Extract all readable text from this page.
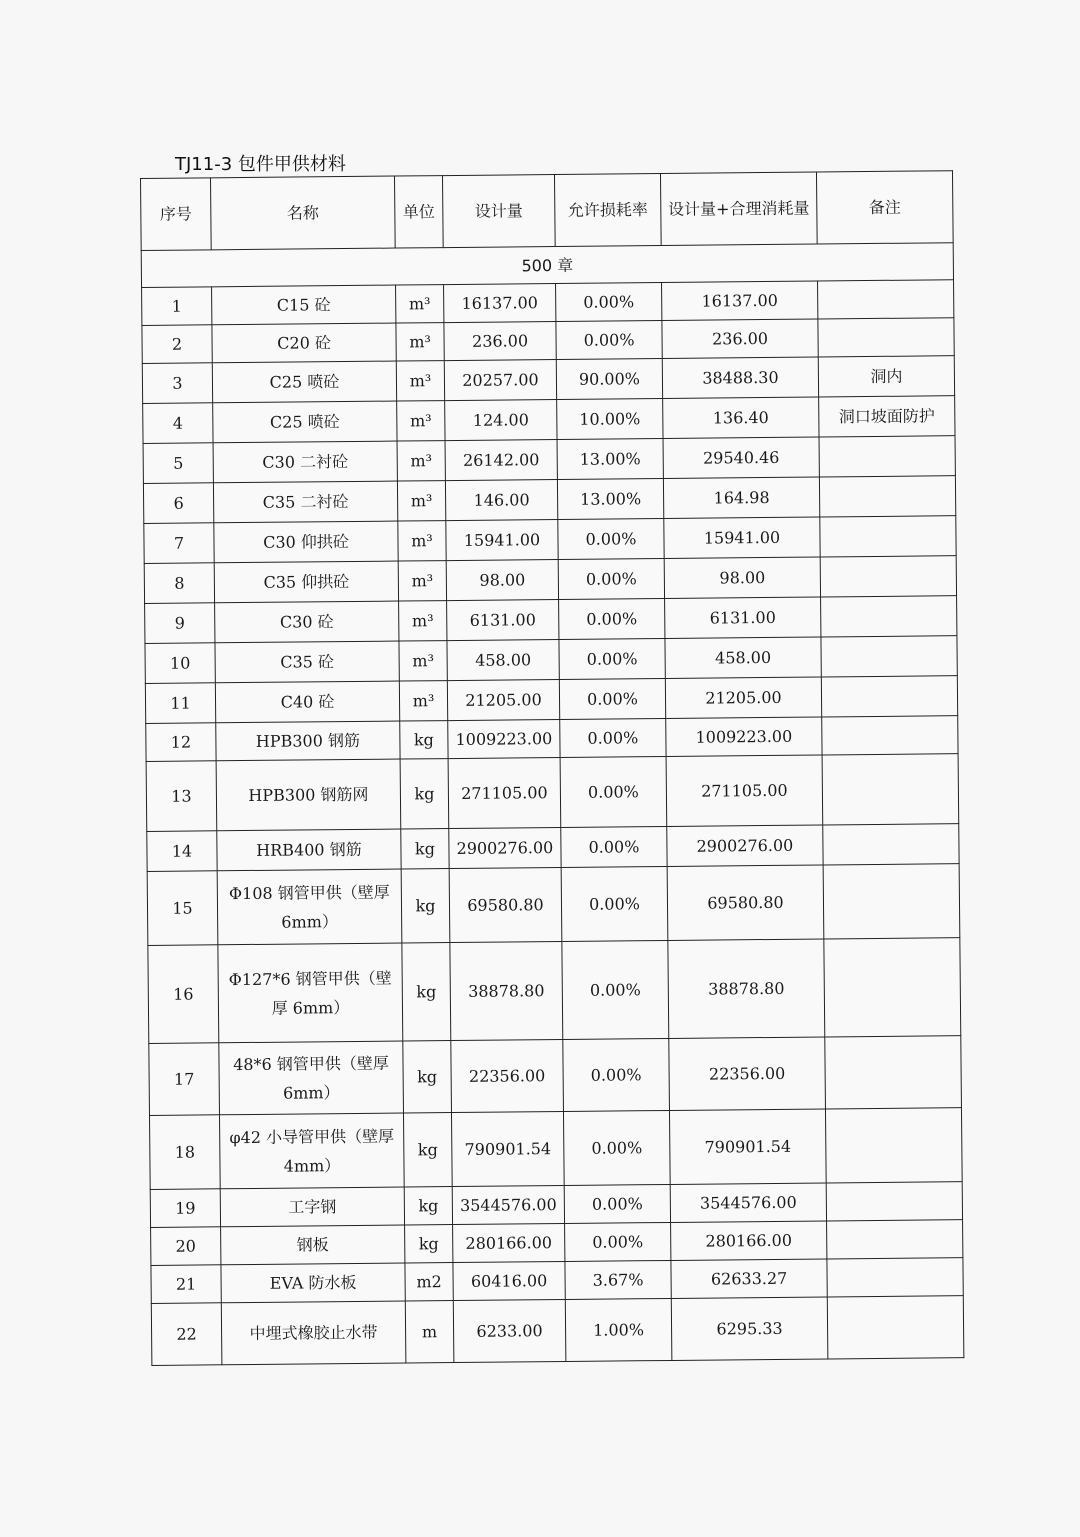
TJ11-3 包件甲供材料
序号	名称	单位	设计量	允许损耗率	设计量+合理消耗量	备注
500 章						
1	C15 砼	m³	16137.00	0.00%	16137.00	
2	C20 砼	m³	236.00	0.00%	236.00	
3	C25 喷砼	m³	20257.00	90.00%	38488.30	洞内
4	C25 喷砼	m³	124.00	10.00%	136.40	洞口坡面防护
5	C30 二衬砼	m³	26142.00	13.00%	29540.46	
6	C35 二衬砼	m³	146.00	13.00%	164.98	
7	C30 仰拱砼	m³	15941.00	0.00%	15941.00	
8	C35 仰拱砼	m³	98.00	0.00%	98.00	
9	C30 砼	m³	6131.00	0.00%	6131.00	
10	C35 砼	m³	458.00	0.00%	458.00	
11	C40 砼	m³	21205.00	0.00%	21205.00	
12	HPB300 钢筋	kg	1009223.00	0.00%	1009223.00	
13	HPB300 钢筋网	kg	271105.00	0.00%	271105.00	
14	HRB400 钢筋	kg	2900276.00	0.00%	2900276.00	
15	Φ108 钢管甲供（壁厚 6mm）	kg	69580.80	0.00%	69580.80	
16	Φ127*6 钢管甲供（壁厚 6mm）	kg	38878.80	0.00%	38878.80	
17	48*6 钢管甲供（壁厚 6mm）	kg	22356.00	0.00%	22356.00	
18	φ42 小导管甲供（壁厚 4mm）	kg	790901.54	0.00%	790901.54	
19	工字钢	kg	3544576.00	0.00%	3544576.00	
20	钢板	kg	280166.00	0.00%	280166.00	
21	EVA 防水板	m2	60416.00	3.67%	62633.27	
22	中埋式橡胶止水带	m	6233.00	1.00%	6295.33	
